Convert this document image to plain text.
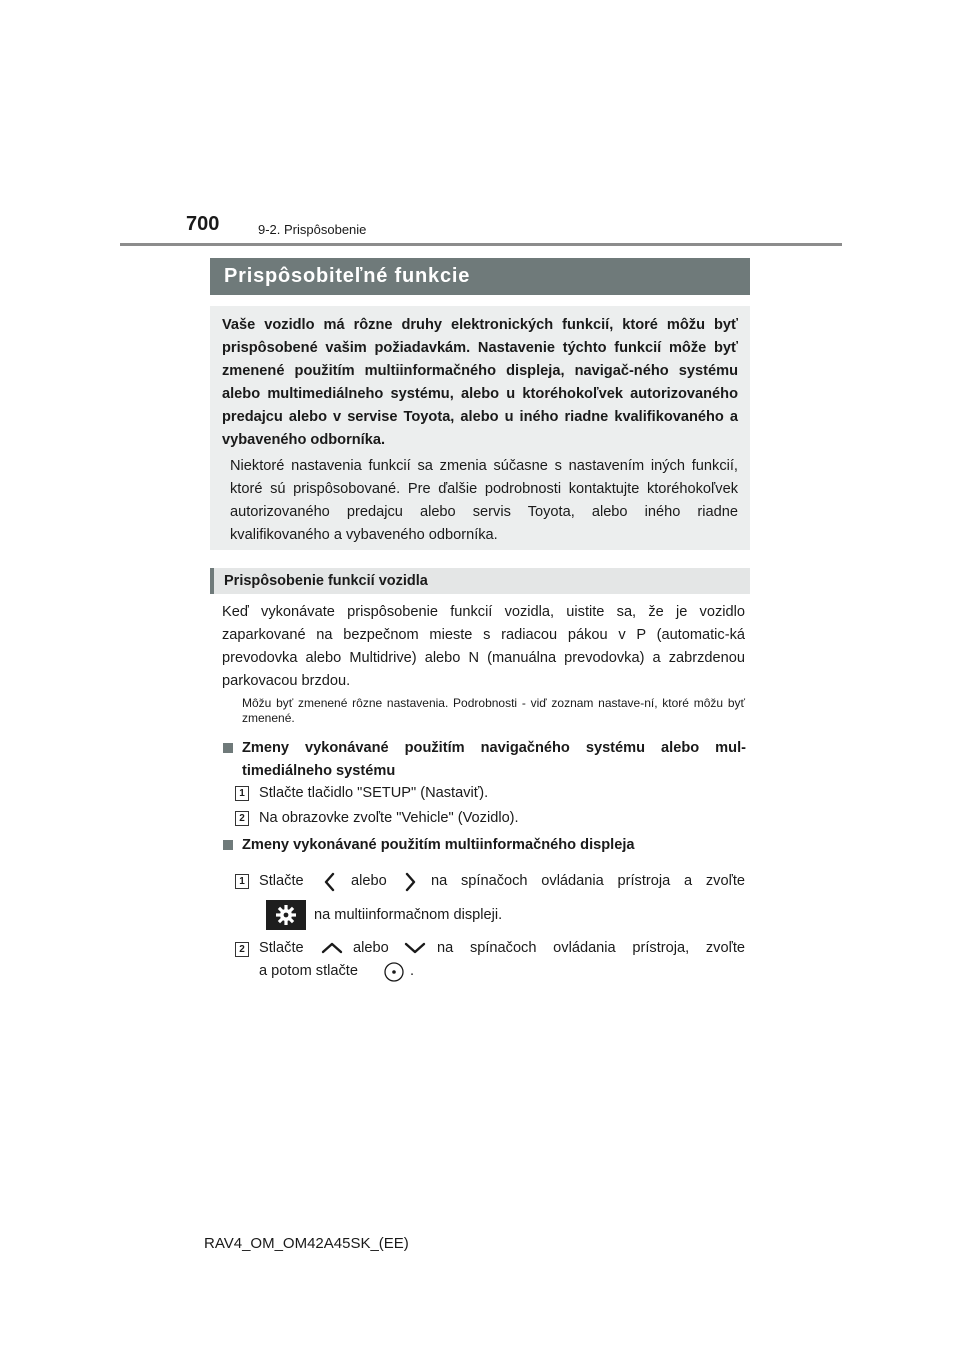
700	9-2. Prispôsobenie
Prispôsobiteľné funkcie
Vaše vozidlo má rôzne druhy elektronických funkcií, ktoré môžu byť prispôsobené vašim požiadavkám. Nastavenie týchto funkcií môže byť zmenené použitím multiinformačného displeja, navigač-ného systému alebo multimediálneho systému, alebo u ktoréhokoľvek autorizovaného predajcu alebo v servise Toyota, alebo u iného riadne kvalifikovaného a vybaveného odborníka.
Niektoré nastavenia funkcií sa zmenia súčasne s nastavením iných funkcií, ktoré sú prispôsobované. Pre ďalšie podrobnosti kontaktujte ktoréhokoľvek autorizovaného predajcu alebo servis Toyota, alebo iného riadne kvalifikovaného a vybaveného odborníka.
Prispôsobenie funkcií vozidla
Keď vykonávate prispôsobenie funkcií vozidla, uistite sa, že je vozidlo zaparkované na bezpečnom mieste s radiacou pákou v P (automatic-ká prevodovka alebo Multidrive) alebo N (manuálna prevodovka) a zabrzdenou parkovacou brzdou.
Môžu byť zmenené rôzne nastavenia. Podrobnosti - viď zoznam nastave-ní, ktoré môžu byť zmenené.
Zmeny vykonávané použitím navigačného systému alebo mul-timediálneho systému
1 Stlačte tlačidlo "SETUP" (Nastaviť).
2 Na obrazovke zvoľte "Vehicle" (Vozidlo).
Zmeny vykonávané použitím multiinformačného displeja
1 Stlačte	alebo	na spínačoch ovládania prístroja a zvoľte
na multiinformačnom displeji.
2 Stlačte	alebo	na spínačoch ovládania prístroja, zvoľte
a potom stlačte	.
RAV4_OM_OM42A45SK_(EE)
